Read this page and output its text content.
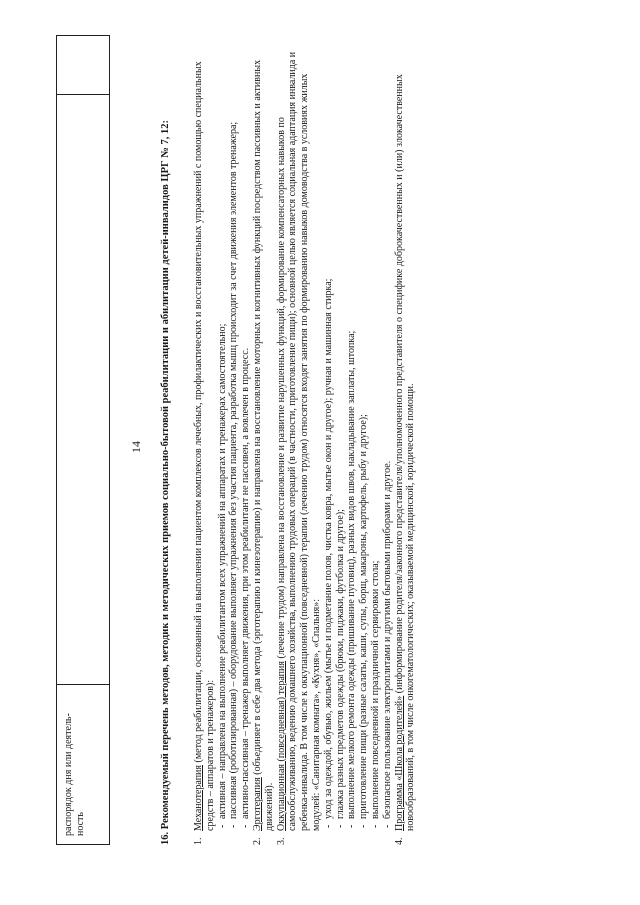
распорядок дня или деятель-ность
14 16. Рекомендуемый перечень методов, методик и методических приемов социально-бытовой реабилитации и абилитации детей-инвалидов ЦРГ № 7, 12: 1.
Механотерапия (метод реабилитации, основанный на выполнении пациентом комплексов лечебных, профилактических и восстановительных упражнений с помощью специальных средств – аппаратов и тренажеров): - активная – направлена на выполнение реабилитантом всех упражнений на аппаратах и тренажерах самостоятельно; - пассивная (роботизированная) – оборудование выполняет упражнения без участия пациента, разработка мышц происходит за счет движения элементов тренажера; - активно-пассивная – тренажер выполняет движения, при этом реабилитант не пассивен, а вовлечен в процесс.
2.
Эрготерапия (объединяет в себе два метода (эрготерапию и кинезотерапию) и направлена на восстановление моторных и когнитивных функций посредством пассивных и активных движений).
3.
Оккупационная (повседневная) терапия (лечение трудом) направлена на восстановление и развитие нарушенных функций, формирование компенсаторных навыков по самообслуживанию, ведению домашнего хозяйства, выполнению трудовых операций (в частности, приготовление пищи); основной целью является социальная адаптация инвалида и ребенка-инвалида. В том числе к оккупационной (повседневной) терапии (лечению трудом) относятся входят занятия по формированию навыков домоводства в условиях жилых модулей: «Санитарная комната», «Кухня», «Спальня»: - уход за одеждой, обувью, жильем (мытье и подметание полов, чистка ковра, мытье окон и другое); ручная и машинная стирка; - глажка разных предметов одежды (брюки, пиджаки, футболка и другое); - выполнение мелкого ремонта одежды (пришивание пуговиц), разных видов швов, накладывание заплаты, штопка; - приготовление пищи (разные салаты, каши, супы, борщ, макароны, картофель, рыбу и другое); - выполнение повседневной и праздничной сервировки стола; - безопасное пользование электроплитами и другими бытовыми приборами и другое.
4.
Программа «Школа родителей» (информирование родителя/законного представителя/уполномоченного представителя о специфике доброкачественных и (или) злокачественных новообразований, в том числе онкогематологических; оказываемой медицинской, юридической помощи.
